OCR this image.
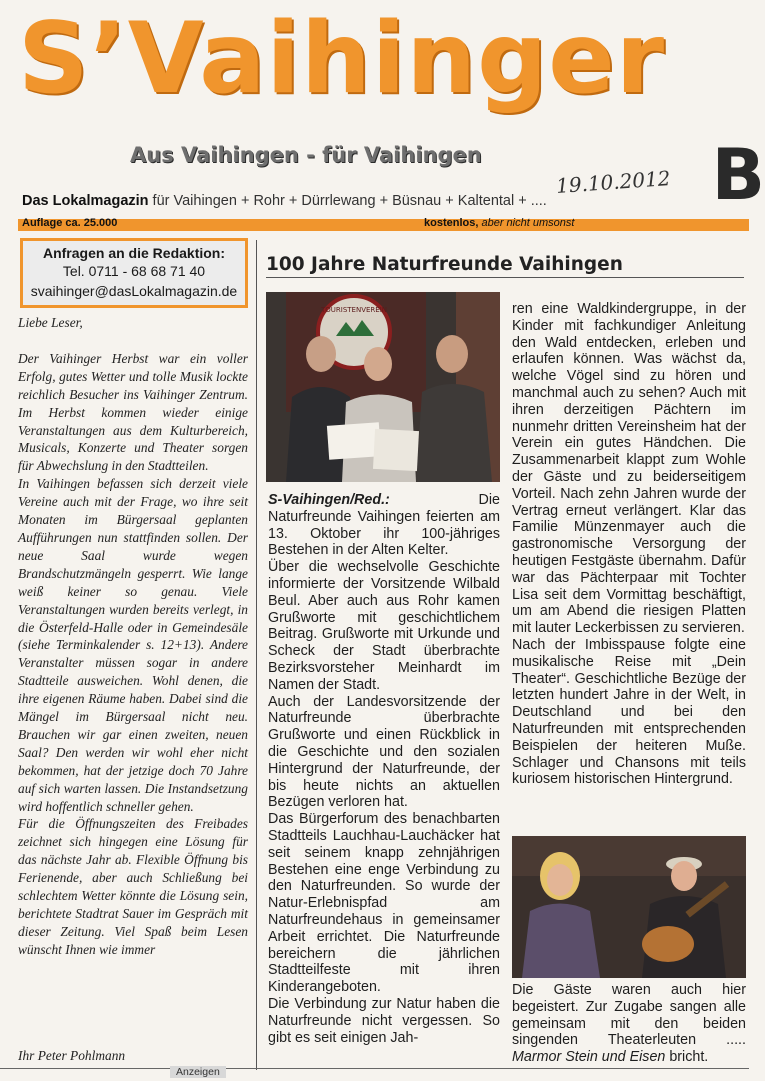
S’Vaihinger
B
Aus Vaihingen - für Vaihingen
19.10.2012
Das Lokalmagazin für Vaihingen + Rohr + Dürrlewang + Büsnau + Kaltental + ....
Auflage ca. 25.000	kostenlos, aber nicht umsonst
Anfragen an die Redaktion:
Tel. 0711 - 68 68 71 40
svaihinger@dasLokalmagazin.de

Liebe Leser,

Der Vaihinger Herbst war ein voller Erfolg, gutes Wetter und tolle Musik lockte reichlich Besucher ins Vaihinger Zentrum. Im Herbst kommen wieder einige Veranstaltungen aus dem Kulturbereich, Musicals, Konzerte und Theater sorgen für Abwechslung in den Stadtteilen.

In Vaihingen befassen sich derzeit viele Vereine auch mit der Frage, wo ihre seit Monaten im Bürgersaal geplanten Aufführungen nun stattfinden sollen. Der neue Saal wurde wegen Brandschutzmängeln gesperrt. Wie lange weiß keiner so genau. Viele Veranstaltungen wurden bereits verlegt, in die Österfeld-Halle oder in Gemeindesäle (siehe Terminkalender s. 12+13). Andere Veranstalter müssen sogar in andere Stadtteile ausweichen. Wohl denen, die ihre eigenen Räume haben. Dabei sind die Mängel im Bürgersaal nicht neu. Brauchen wir gar einen zweiten, neuen Saal? Den werden wir wohl eher nicht bekommen, hat der jetzige doch 70 Jahre auf sich warten lassen. Die Instandsetzung wird hoffentlich schneller gehen.

Für die Öffnungszeiten des Freibades zeichnet sich hingegen eine Lösung für das nächste Jahr ab. Flexible Öffnung bis Ferienende, aber auch Schließung bei schlechtem Wetter könnte die Lösung sein, berichtete Stadtrat Sauer im Gespräch mit dieser Zeitung. Viel Spaß beim Lesen wünscht Ihnen wie immer

Ihr Peter Pohlmann

100 Jahre Naturfreunde Vaihingen
TOURISTENVEREIN

S-Vaihingen/Red.: Die Naturfreunde Vaihingen feierten am 13. Oktober ihr 100-jähriges Bestehen in der Alten Kelter.

Über die wechselvolle Geschichte informierte der Vorsitzende Wilbald Beul. Aber auch aus Rohr kamen Grußworte mit geschichtlichem Beitrag. Grußworte mit Urkunde und Scheck der Stadt überbrachte Bezirksvorsteher Meinhardt im Namen der Stadt.

Auch der Landesvorsitzende der Naturfreunde überbrachte Grußworte und einen Rückblick in die Geschichte und den sozialen Hintergrund der Naturfreunde, der bis heute nichts an aktuellen Bezügen verloren hat.

Das Bürgerforum des benachbarten Stadtteils Lauchhau-Lauchäcker hat seit seinem knapp zehnjährigen Bestehen eine enge Verbindung zu den Naturfreunden. So wurde der Natur-Erlebnispfad am Naturfreundehaus in gemeinsamer Arbeit errichtet. Die Naturfreunde bereichern die jährlichen Stadtteilfeste mit ihren Kinderangeboten.

Die Verbindung zur Natur haben die Naturfreunde nicht vergessen. So gibt es seit einigen Jah-

ren eine Waldkindergruppe, in der Kinder mit fachkundiger Anleitung den Wald entdecken, erleben und erlaufen können. Was wächst da, welche Vögel sind zu hören und manchmal auch zu sehen? Auch mit ihren derzeitigen Pächtern im nunmehr dritten Vereinsheim hat der Verein ein gutes Händchen. Die Zusammenarbeit klappt zum Wohle der Gäste und zu beiderseitigem Vorteil. Nach zehn Jahren wurde der Vertrag erneut verlängert. Klar das Familie Münzenmayer auch die gastronomische Versorgung der heutigen Festgäste übernahm. Dafür war das Pächterpaar mit Tochter Lisa seit dem Vormittag beschäftigt, um am Abend die riesigen Platten mit lauter Leckerbissen zu servieren.

Nach der Imbisspause folgte eine musikalische Reise mit „Dein Theater“. Geschichtliche Bezüge der letzten hundert Jahre in der Welt, in Deutschland und bei den Naturfreunden mit entsprechenden Beispielen der heiteren Muße. Schlager und Chansons mit teils kuriosem historischen Hintergrund.

Die Gäste waren auch hier begeistert. Zur Zugabe sangen alle gemeinsam mit den beiden singenden Theaterleuten ..... Marmor Stein und Eisen bricht.

Anzeigen
